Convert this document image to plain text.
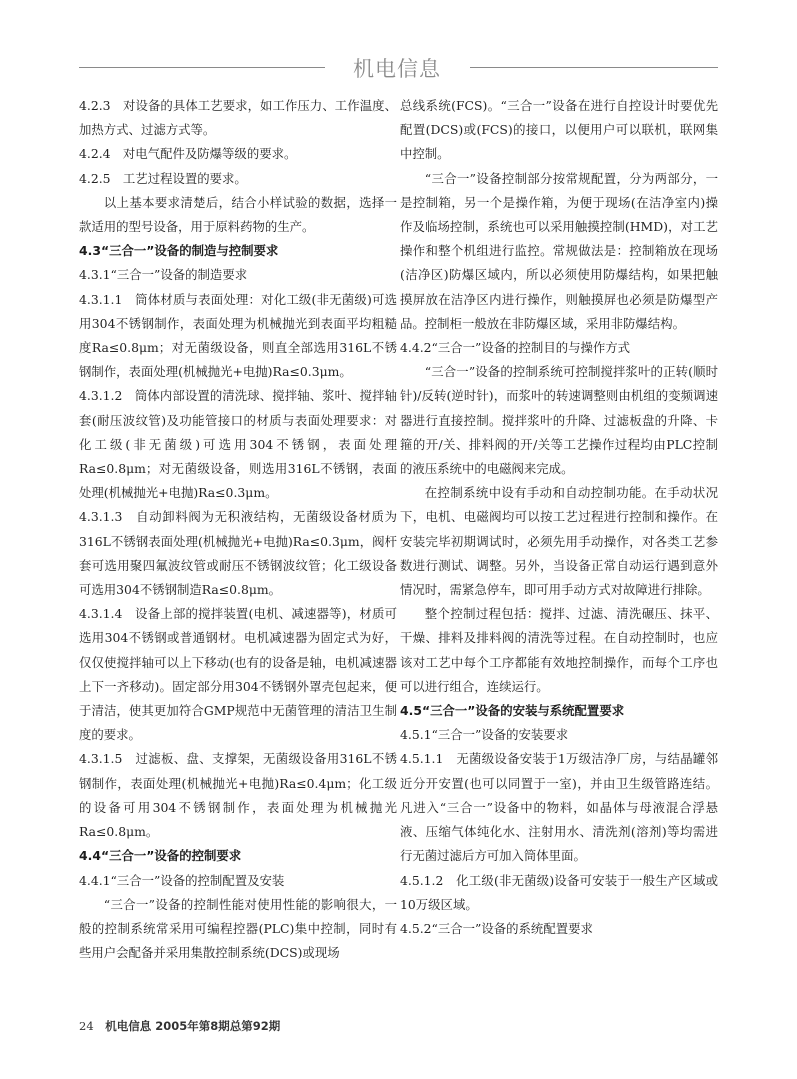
机电信息

4.2.3　对设备的具体工艺要求，如工作压力、工作温度、加热方式、过滤方式等。

4.2.4　对电气配件及防爆等级的要求。

4.2.5　工艺过程设置的要求。

以上基本要求清楚后，结合小样试验的数据，选择一款适用的型号设备，用于原料药物的生产。

4.3“三合一”设备的制造与控制要求

4.3.1“三合一”设备的制造要求

4.3.1.1　筒体材质与表面处理：对化工级(非无菌级)可选用304不锈钢制作，表面处理为机械抛光到表面平均粗糙度Ra≤0.8μm；对无菌级设备，则直全部选用316L不锈钢制作，表面处理(机械抛光+电抛)Ra≤0.3μm。

4.3.1.2　筒体内部设置的清洗球、搅拌轴、浆叶、搅拌轴套(耐压波纹管)及功能管接口的材质与表面处理要求：对化工级(非无菌级)可选用304不锈钢，表面处理Ra≤0.8μm；对无菌级设备，则选用316L不锈钢，表面处理(机械抛光+电抛)Ra≤0.3μm。

4.3.1.3　自动卸料阀为无积液结构，无菌级设备材质为316L不锈钢表面处理(机械抛光+电抛)Ra≤0.3μm，阀杆套可选用聚四氟波纹管或耐压不锈钢波纹管；化工级设备可选用304不锈钢制造Ra≤0.8μm。

4.3.1.4　设备上部的搅拌装置(电机、减速器等)，材质可选用304不锈钢或普通钢材。电机减速器为固定式为好，仅仅使搅拌轴可以上下移动(也有的设备是轴，电机减速器上下一齐移动)。固定部分用304不锈钢外罩壳包起来，便于清洁，使其更加符合GMP规范中无菌管理的清洁卫生制度的要求。

4.3.1.5　过滤板、盘、支撑架，无菌级设备用316L不锈钢制作，表面处理(机械抛光+电抛)Ra≤0.4μm；化工级的设备可用304不锈钢制作，表面处理为机械抛光Ra≤0.8μm。

4.4“三合一”设备的控制要求

4.4.1“三合一”设备的控制配置及安装

“三合一”设备的控制性能对使用性能的影响很大，一般的控制系统常采用可编程控器(PLC)集中控制，同时有些用户会配备并采用集散控制系统(DCS)或现场

总线系统(FCS)。“三合一”设备在进行自控设计时要优先配置(DCS)或(FCS)的接口，以便用户可以联机，联网集中控制。

“三合一”设备控制部分按常规配置，分为两部分，一是控制箱，另一个是操作箱，为便于现场(在洁净室内)操作及临场控制，系统也可以采用触摸控制(HMD)，对工艺操作和整个机组进行监控。常规做法是：控制箱放在现场(洁净区)防爆区域内，所以必须使用防爆结构，如果把触摸屏放在洁净区内进行操作，则触摸屏也必须是防爆型产品。控制柜一般放在非防爆区域，采用非防爆结构。

4.4.2“三合一”设备的控制目的与操作方式

“三合一”设备的控制系统可控制搅拌浆叶的正转(顺时针)/反转(逆时针)，而浆叶的转速调整则由机组的变频调速器进行直接控制。搅拌浆叶的升降、过滤板盘的升降、卡箍的开/关、排料阀的开/关等工艺操作过程均由PLC控制的液压系统中的电磁阀来完成。

在控制系统中设有手动和自动控制功能。在手动状况下，电机、电磁阀均可以按工艺过程进行控制和操作。在安装完毕初期调试时，必须先用手动操作，对各类工艺参数进行测试、调整。另外，当设备正常自动运行遇到意外情况时，需紧急停车，即可用手动方式对故障进行排除。

整个控制过程包括：搅拌、过滤、清洗碾压、抹平、干燥、排料及排料阀的清洗等过程。在自动控制时，也应该对工艺中每个工序都能有效地控制操作，而每个工序也可以进行组合，连续运行。

4.5“三合一”设备的安装与系统配置要求

4.5.1“三合一”设备的安装要求

4.5.1.1　无菌级设备安装于1万级洁净厂房，与结晶罐邻近分开安置(也可以同置于一室)，并由卫生级管路连结。凡进入“三合一”设备中的物料，如晶体与母液混合浮悬液、压缩气体纯化水、注射用水、清洗剂(溶剂)等均需进行无菌过滤后方可加入筒体里面。

4.5.1.2　化工级(非无菌级)设备可安装于一般生产区域或10万级区域。

4.5.2“三合一”设备的系统配置要求

24 机电信息 2005年第8期总第92期
